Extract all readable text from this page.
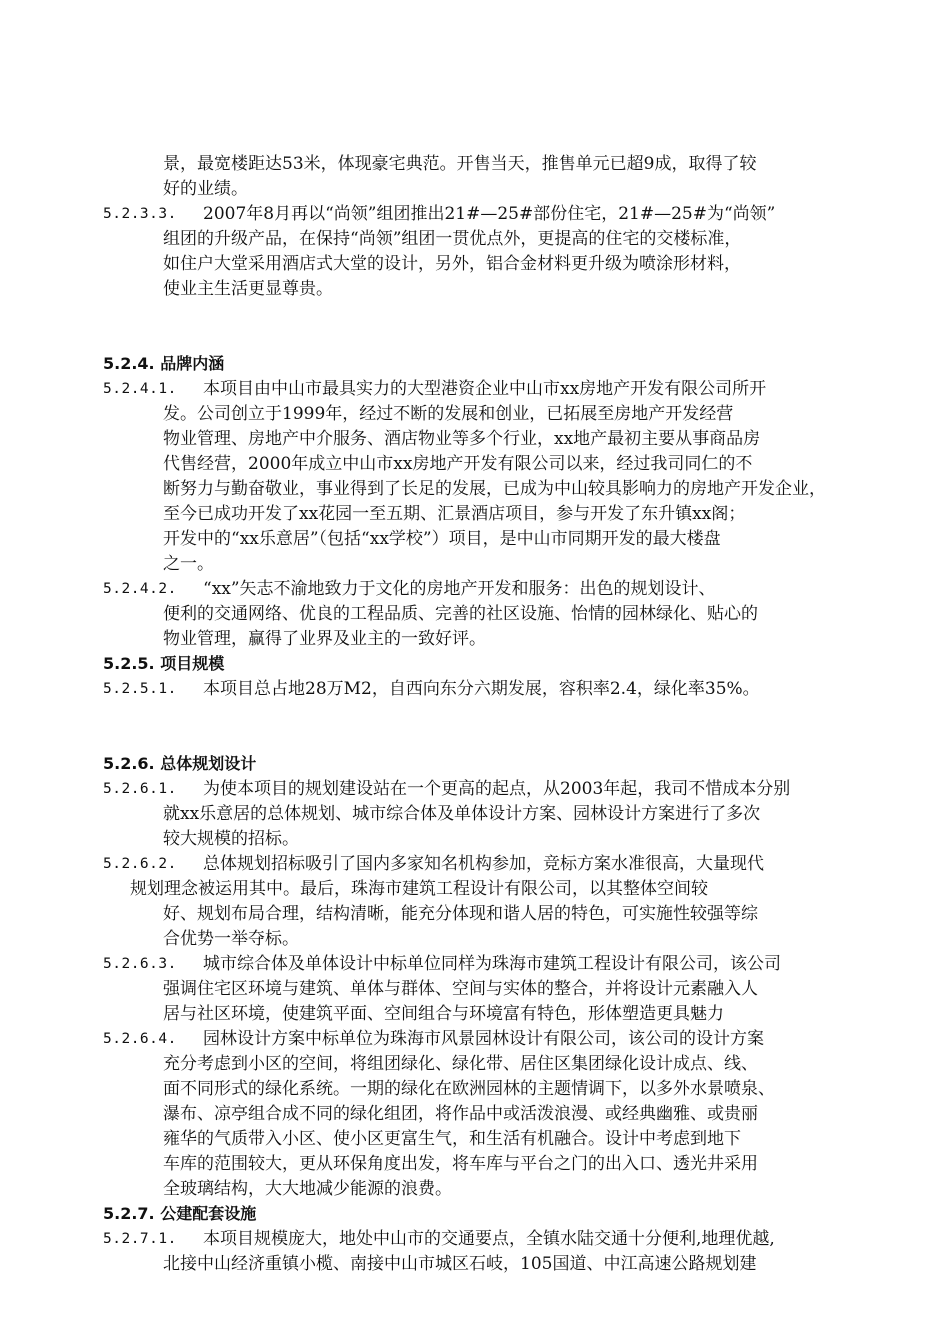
景，最宽楼距达53米，体现豪宅典范。开售当天，推售单元已超9成，取得了较
好的业绩。
5.2.3.3. 2007年8月再以“尚领”组团推出21#—25#部份住宅，21#—25#为“尚领”
组团的升级产品，在保持“尚领”组团一贯优点外，更提高的住宅的交楼标准，
如住户大堂采用酒店式大堂的设计，另外，铝合金材料更升级为喷涂形材料，
使业主生活更显尊贵。
5.2.4. 品牌内涵
5.2.4.1. 本项目由中山市最具实力的大型港资企业中山市xx房地产开发有限公司所开
发。公司创立于1999年，经过不断的发展和创业，已拓展至房地产开发经营
物业管理、房地产中介服务、酒店物业等多个行业，xx地产最初主要从事商品房
代售经营，2000年成立中山市xx房地产开发有限公司以来，经过我司同仁的不
断努力与勤奋敬业，事业得到了长足的发展，已成为中山较具影响力的房地产开发企业，
至今已成功开发了xx花园一至五期、汇景酒店项目，参与开发了东升镇xx阁；
开发中的“xx乐意居”（包括“xx学校”）项目，是中山市同期开发的最大楼盘
之一。
5.2.4.2. “xx”矢志不渝地致力于文化的房地产开发和服务：出色的规划设计、
便利的交通网络、优良的工程品质、完善的社区设施、怡情的园林绿化、贴心的
物业管理，赢得了业界及业主的一致好评。
5.2.5. 项目规模
5.2.5.1. 本项目总占地28万M2，自西向东分六期发展，容积率2.4，绿化率35%。
5.2.6. 总体规划设计
5.2.6.1. 为使本项目的规划建设站在一个更高的起点，从2003年起，我司不惜成本分别
就xx乐意居的总体规划、城市综合体及单体设计方案、园林设计方案进行了多次
较大规模的招标。
5.2.6.2. 总体规划招标吸引了国内多家知名机构参加，竞标方案水准很高，大量现代
规划理念被运用其中。最后，珠海市建筑工程设计有限公司，以其整体空间较
好、规划布局合理，结构清晰，能充分体现和谐人居的特色，可实施性较强等综
合优势一举夺标。
5.2.6.3. 城市综合体及单体设计中标单位同样为珠海市建筑工程设计有限公司，该公司
强调住宅区环境与建筑、单体与群体、空间与实体的整合，并将设计元素融入人
居与社区环境，使建筑平面、空间组合与环境富有特色，形体塑造更具魅力
5.2.6.4. 园林设计方案中标单位为珠海市风景园林设计有限公司，该公司的设计方案
充分考虑到小区的空间，将组团绿化、绿化带、居住区集团绿化设计成点、线、
面不同形式的绿化系统。一期的绿化在欧洲园林的主题情调下，以多外水景喷泉、
瀑布、凉亭组合成不同的绿化组团，将作品中或活泼浪漫、或经典幽雅、或贵丽
雍华的气质带入小区、使小区更富生气，和生活有机融合。设计中考虑到地下
车库的范围较大，更从环保角度出发，将车库与平台之门的出入口、透光井采用
全玻璃结构，大大地减少能源的浪费。
5.2.7. 公建配套设施
5.2.7.1. 本项目规模庞大，地处中山市的交通要点，全镇水陆交通十分便利,地理优越,
北接中山经济重镇小榄、南接中山市城区石岐，105国道、中江高速公路规划建
